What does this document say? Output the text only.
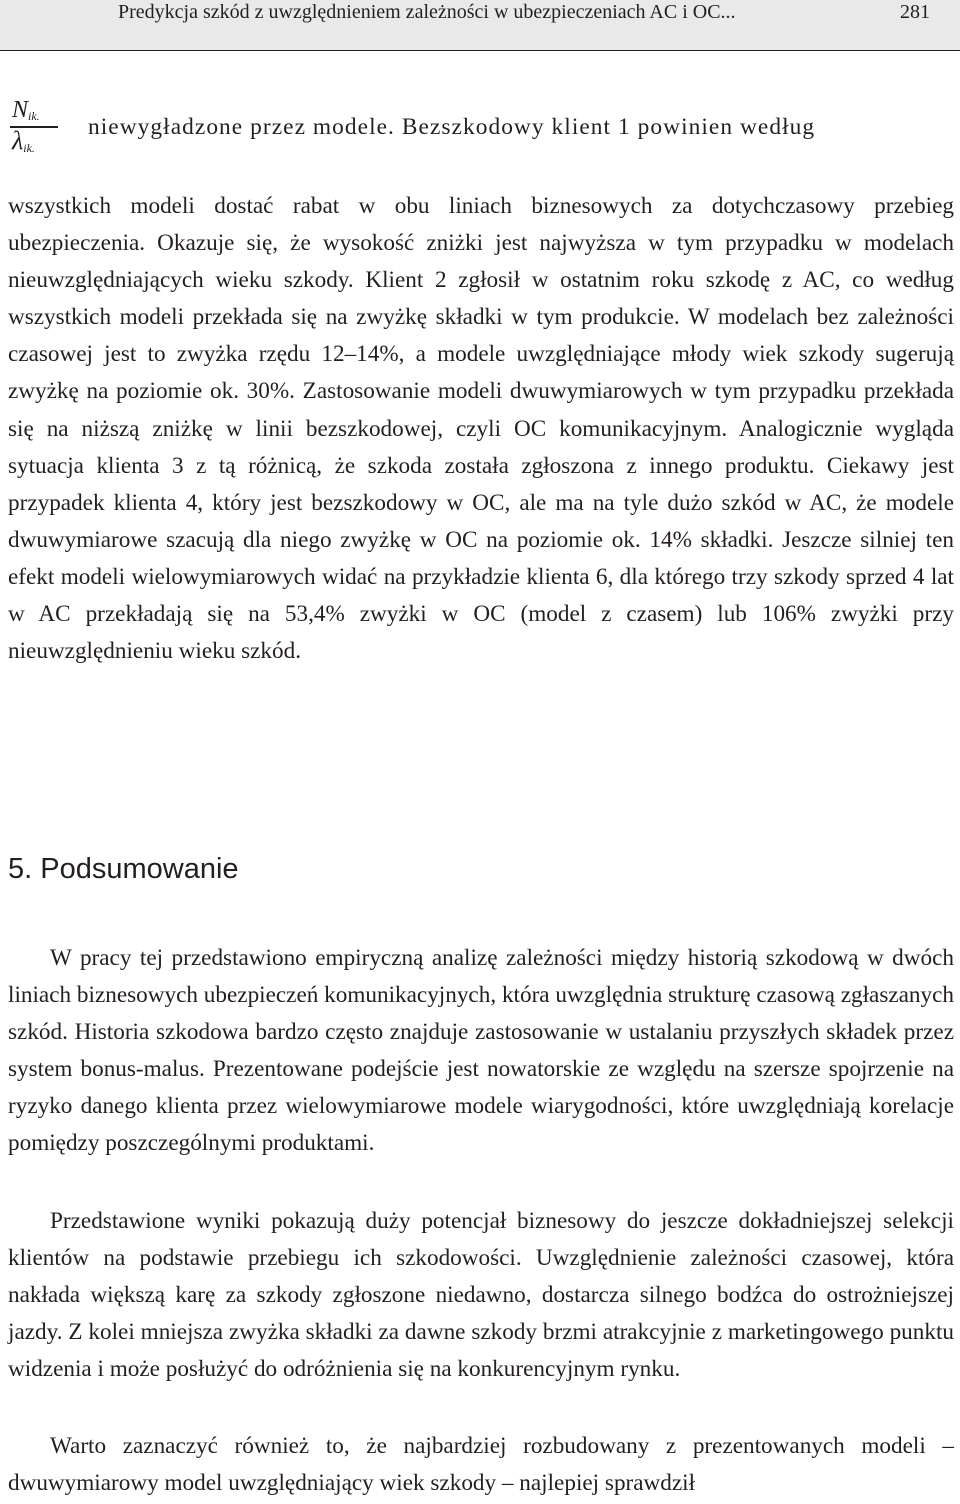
Predykcja szkód z uwzględnieniem zależności w ubezpieczeniach AC i OC...	281
$N_{ik.}$
$\lambda_{ik.}$
niewygładzone przez modele. Bezszkodowy klient 1 powinien według

wszystkich modeli dostać rabat w obu liniach biznesowych za dotychczasowy przebieg ubezpieczenia. Okazuje się, że wysokość zniżki jest najwyższa w tym przypadku w modelach nieuwzględniających wieku szkody. Klient 2 zgłosił w ostatnim roku szkodę z AC, co według wszystkich modeli przekłada się na zwyżkę składki w tym produkcie. W modelach bez zależności czasowej jest to zwyżka rzędu 12–14%, a modele uwzględniające młody wiek szkody sugerują zwyżkę na poziomie ok. 30%. Zastosowanie modeli dwuwymiarowych w tym przypadku przekłada się na niższą zniżkę w linii bezszkodowej, czyli OC komunikacyjnym. Analogicznie wygląda sytuacja klienta 3 z tą różnicą, że szkoda została zgłoszona z innego produktu. Ciekawy jest przypadek klienta 4, który jest bezszkodowy w OC, ale ma na tyle dużo szkód w AC, że modele dwuwymiarowe szacują dla niego zwyżkę w OC na poziomie ok. 14% składki. Jeszcze silniej ten efekt modeli wielowymiarowych widać na przykładzie klienta 6, dla którego trzy szkody sprzed 4 lat w AC przekładają się na 53,4% zwyżki w OC (model z czasem) lub 106% zwyżki przy nieuwzględnieniu wieku szkód.

5. Podsumowanie

W pracy tej przedstawiono empiryczną analizę zależności między historią szkodową w dwóch liniach biznesowych ubezpieczeń komunikacyjnych, która uwzględnia strukturę czasową zgłaszanych szkód. Historia szkodowa bardzo często znajduje zastosowanie w ustalaniu przyszłych składek przez system bonus-malus. Prezentowane podejście jest nowatorskie ze względu na szersze spojrzenie na ryzyko danego klienta przez wielowymiarowe modele wiarygodności, które uwzględniają korelacje pomiędzy poszczególnymi produktami.

Przedstawione wyniki pokazują duży potencjał biznesowy do jeszcze dokładniejszej selekcji klientów na podstawie przebiegu ich szkodowości. Uwzględnienie zależności czasowej, która nakłada większą karę za szkody zgłoszone niedawno, dostarcza silnego bodźca do ostrożniejszej jazdy. Z kolei mniejsza zwyżka składki za dawne szkody brzmi atrakcyjnie z marketingowego punktu widzenia i może posłużyć do odróżnienia się na konkurencyjnym rynku.

Warto zaznaczyć również to, że najbardziej rozbudowany z prezentowanych modeli – dwuwymiarowy model uwzględniający wiek szkody – najlepiej sprawdził
